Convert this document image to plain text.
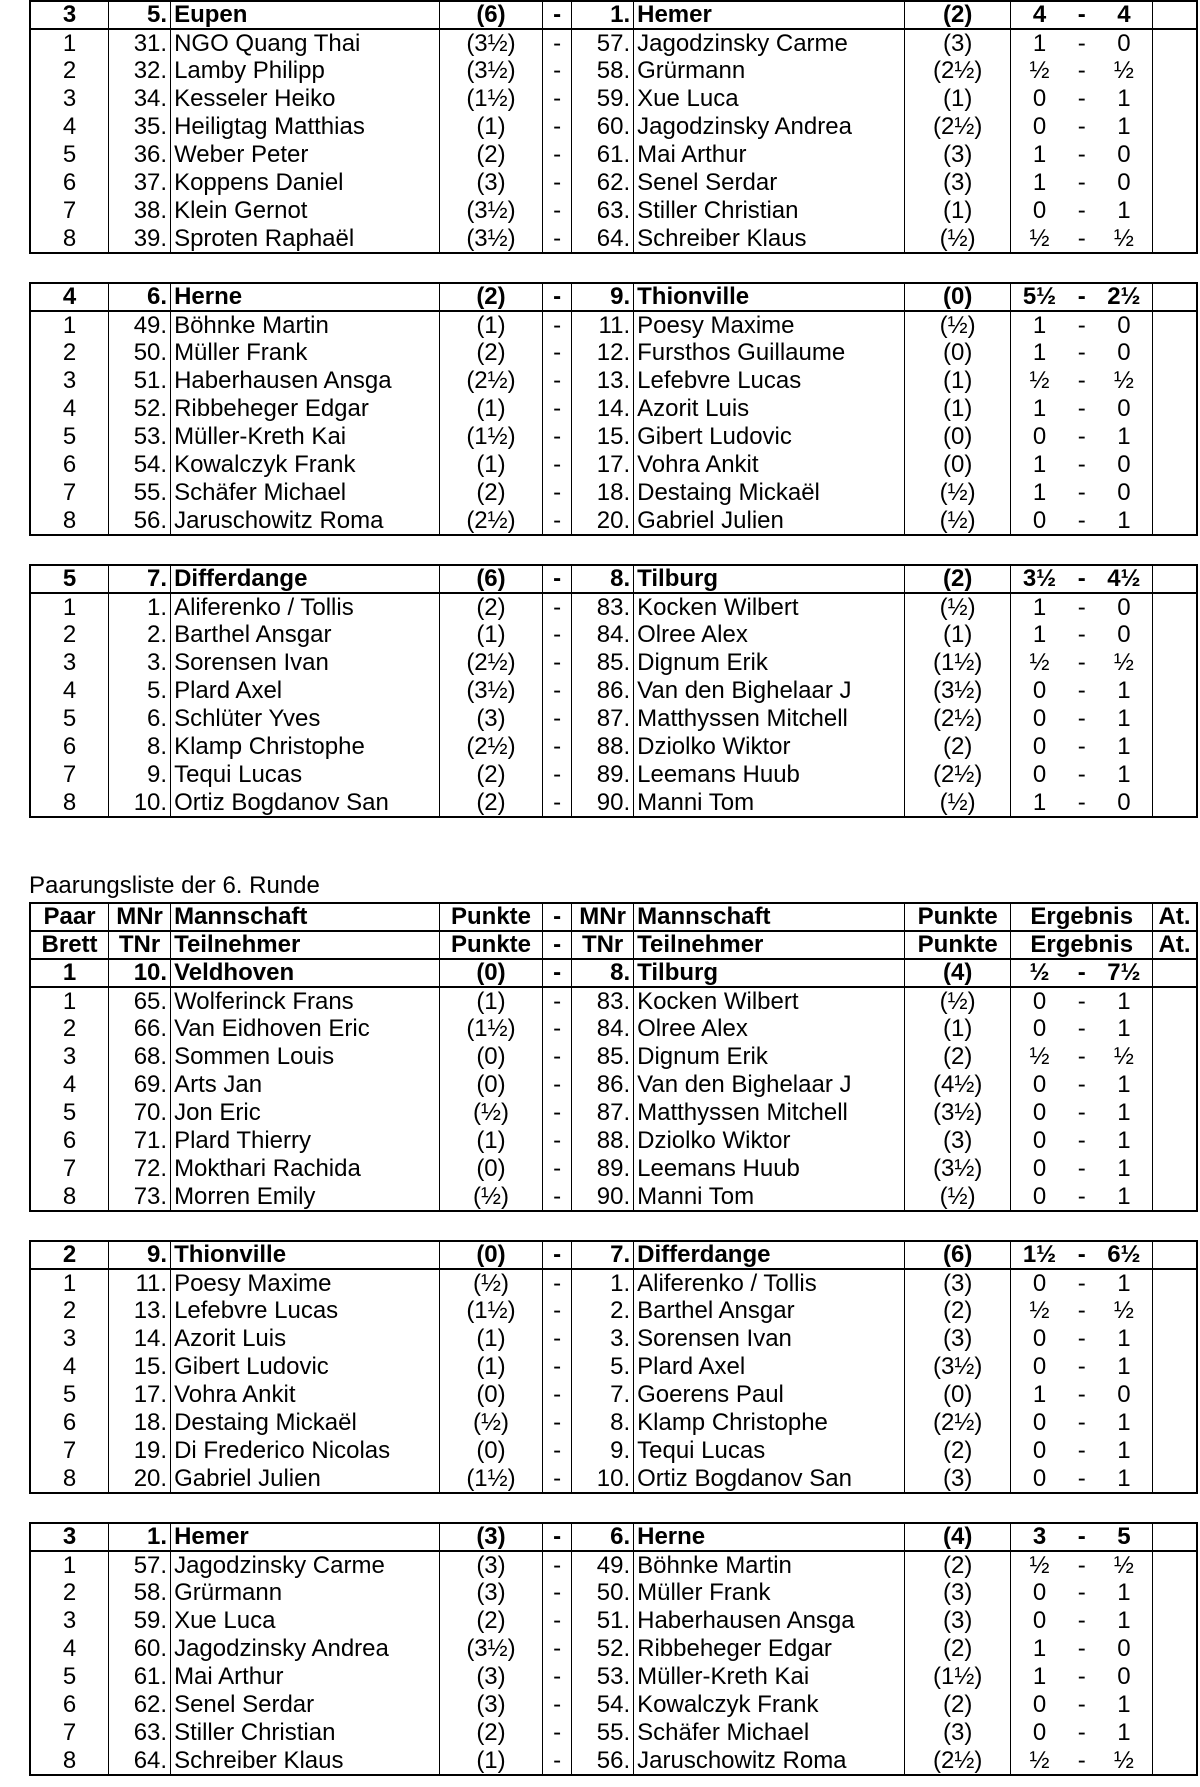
Paarungsliste der 6. Runde
3	5.	Eupen	(6)	-	1.	Hemer	(2)	4 - 4	

1	31.	NGO Quang Thai	(3½)	-	57.	Jagodzinsky Carme	(3)	1 - 0	

2	32.	Lamby Philipp	(3½)	-	58.	Grürmann	(2½)	½ - ½	

3	34.	Kesseler Heiko	(1½)	-	59.	Xue Luca	(1)	0 - 1	

4	35.	Heiligtag Matthias	(1)	-	60.	Jagodzinsky Andrea	(2½)	0 - 1	

5	36.	Weber Peter	(2)	-	61.	Mai Arthur	(3)	1 - 0	

6	37.	Koppens Daniel	(3)	-	62.	Senel Serdar	(3)	1 - 0	

7	38.	Klein Gernot	(3½)	-	63.	Stiller Christian	(1)	0 - 1	

8	39.	Sproten Raphaël	(3½)	-	64.	Schreiber Klaus	(½)	½ - ½	

4	6.	Herne	(2)	-	9.	Thionville	(0)	5½ - 2½	

1	49.	Böhnke Martin	(1)	-	11.	Poesy Maxime	(½)	1 - 0	

2	50.	Müller Frank	(2)	-	12.	Fursthos Guillaume	(0)	1 - 0	

3	51.	Haberhausen Ansga	(2½)	-	13.	Lefebvre Lucas	(1)	½ - ½	

4	52.	Ribbeheger Edgar	(1)	-	14.	Azorit Luis	(1)	1 - 0	

5	53.	Müller-Kreth Kai	(1½)	-	15.	Gibert Ludovic	(0)	0 - 1	

6	54.	Kowalczyk Frank	(1)	-	17.	Vohra Ankit	(0)	1 - 0	

7	55.	Schäfer Michael	(2)	-	18.	Destaing Mickaël	(½)	1 - 0	

8	56.	Jaruschowitz Roma	(2½)	-	20.	Gabriel Julien	(½)	0 - 1	

5	7.	Differdange	(6)	-	8.	Tilburg	(2)	3½ - 4½	

1	1.	Aliferenko / Tollis	(2)	-	83.	Kocken Wilbert	(½)	1 - 0	

2	2.	Barthel Ansgar	(1)	-	84.	Olree Alex	(1)	1 - 0	

3	3.	Sorensen Ivan	(2½)	-	85.	Dignum Erik	(1½)	½ - ½	

4	5.	Plard Axel	(3½)	-	86.	Van den Bighelaar J	(3½)	0 - 1	

5	6.	Schlüter Yves	(3)	-	87.	Matthyssen Mitchell	(2½)	0 - 1	

6	8.	Klamp Christophe	(2½)	-	88.	Dziolko Wiktor	(2)	0 - 1	

7	9.	Tequi Lucas	(2)	-	89.	Leemans Huub	(2½)	0 - 1	

8	10.	Ortiz Bogdanov San	(2)	-	90.	Manni Tom	(½)	1 - 0	

Paar	MNr	Mannschaft	Punkte	-	MNr	Mannschaft	Punkte	Ergebnis	At.
Brett	TNr	Teilnehmer	Punkte	-	TNr	Teilnehmer	Punkte	Ergebnis	At.
1	10.	Veldhoven	(0)	-	8.	Tilburg	(4)	½ - 7½	

1	65.	Wolferinck Frans	(1)	-	83.	Kocken Wilbert	(½)	0 - 1	

2	66.	Van Eidhoven Eric	(1½)	-	84.	Olree Alex	(1)	0 - 1	

3	68.	Sommen Louis	(0)	-	85.	Dignum Erik	(2)	½ - ½	

4	69.	Arts Jan	(0)	-	86.	Van den Bighelaar J	(4½)	0 - 1	

5	70.	Jon Eric	(½)	-	87.	Matthyssen Mitchell	(3½)	0 - 1	

6	71.	Plard Thierry	(1)	-	88.	Dziolko Wiktor	(3)	0 - 1	

7	72.	Mokthari Rachida	(0)	-	89.	Leemans Huub	(3½)	0 - 1	

8	73.	Morren Emily	(½)	-	90.	Manni Tom	(½)	0 - 1	

2	9.	Thionville	(0)	-	7.	Differdange	(6)	1½ - 6½	

1	11.	Poesy Maxime	(½)	-	1.	Aliferenko / Tollis	(3)	0 - 1	

2	13.	Lefebvre Lucas	(1½)	-	2.	Barthel Ansgar	(2)	½ - ½	

3	14.	Azorit Luis	(1)	-	3.	Sorensen Ivan	(3)	0 - 1	

4	15.	Gibert Ludovic	(1)	-	5.	Plard Axel	(3½)	0 - 1	

5	17.	Vohra Ankit	(0)	-	7.	Goerens Paul	(0)	1 - 0	

6	18.	Destaing Mickaël	(½)	-	8.	Klamp Christophe	(2½)	0 - 1	

7	19.	Di Frederico Nicolas	(0)	-	9.	Tequi Lucas	(2)	0 - 1	

8	20.	Gabriel Julien	(1½)	-	10.	Ortiz Bogdanov San	(3)	0 - 1	

3	1.	Hemer	(3)	-	6.	Herne	(4)	3 - 5	

1	57.	Jagodzinsky Carme	(3)	-	49.	Böhnke Martin	(2)	½ - ½	

2	58.	Grürmann	(3)	-	50.	Müller Frank	(3)	0 - 1	

3	59.	Xue Luca	(2)	-	51.	Haberhausen Ansga	(3)	0 - 1	

4	60.	Jagodzinsky Andrea	(3½)	-	52.	Ribbeheger Edgar	(2)	1 - 0	

5	61.	Mai Arthur	(3)	-	53.	Müller-Kreth Kai	(1½)	1 - 0	

6	62.	Senel Serdar	(3)	-	54.	Kowalczyk Frank	(2)	0 - 1	

7	63.	Stiller Christian	(2)	-	55.	Schäfer Michael	(3)	0 - 1	

8	64.	Schreiber Klaus	(1)	-	56.	Jaruschowitz Roma	(2½)	½ - ½	
